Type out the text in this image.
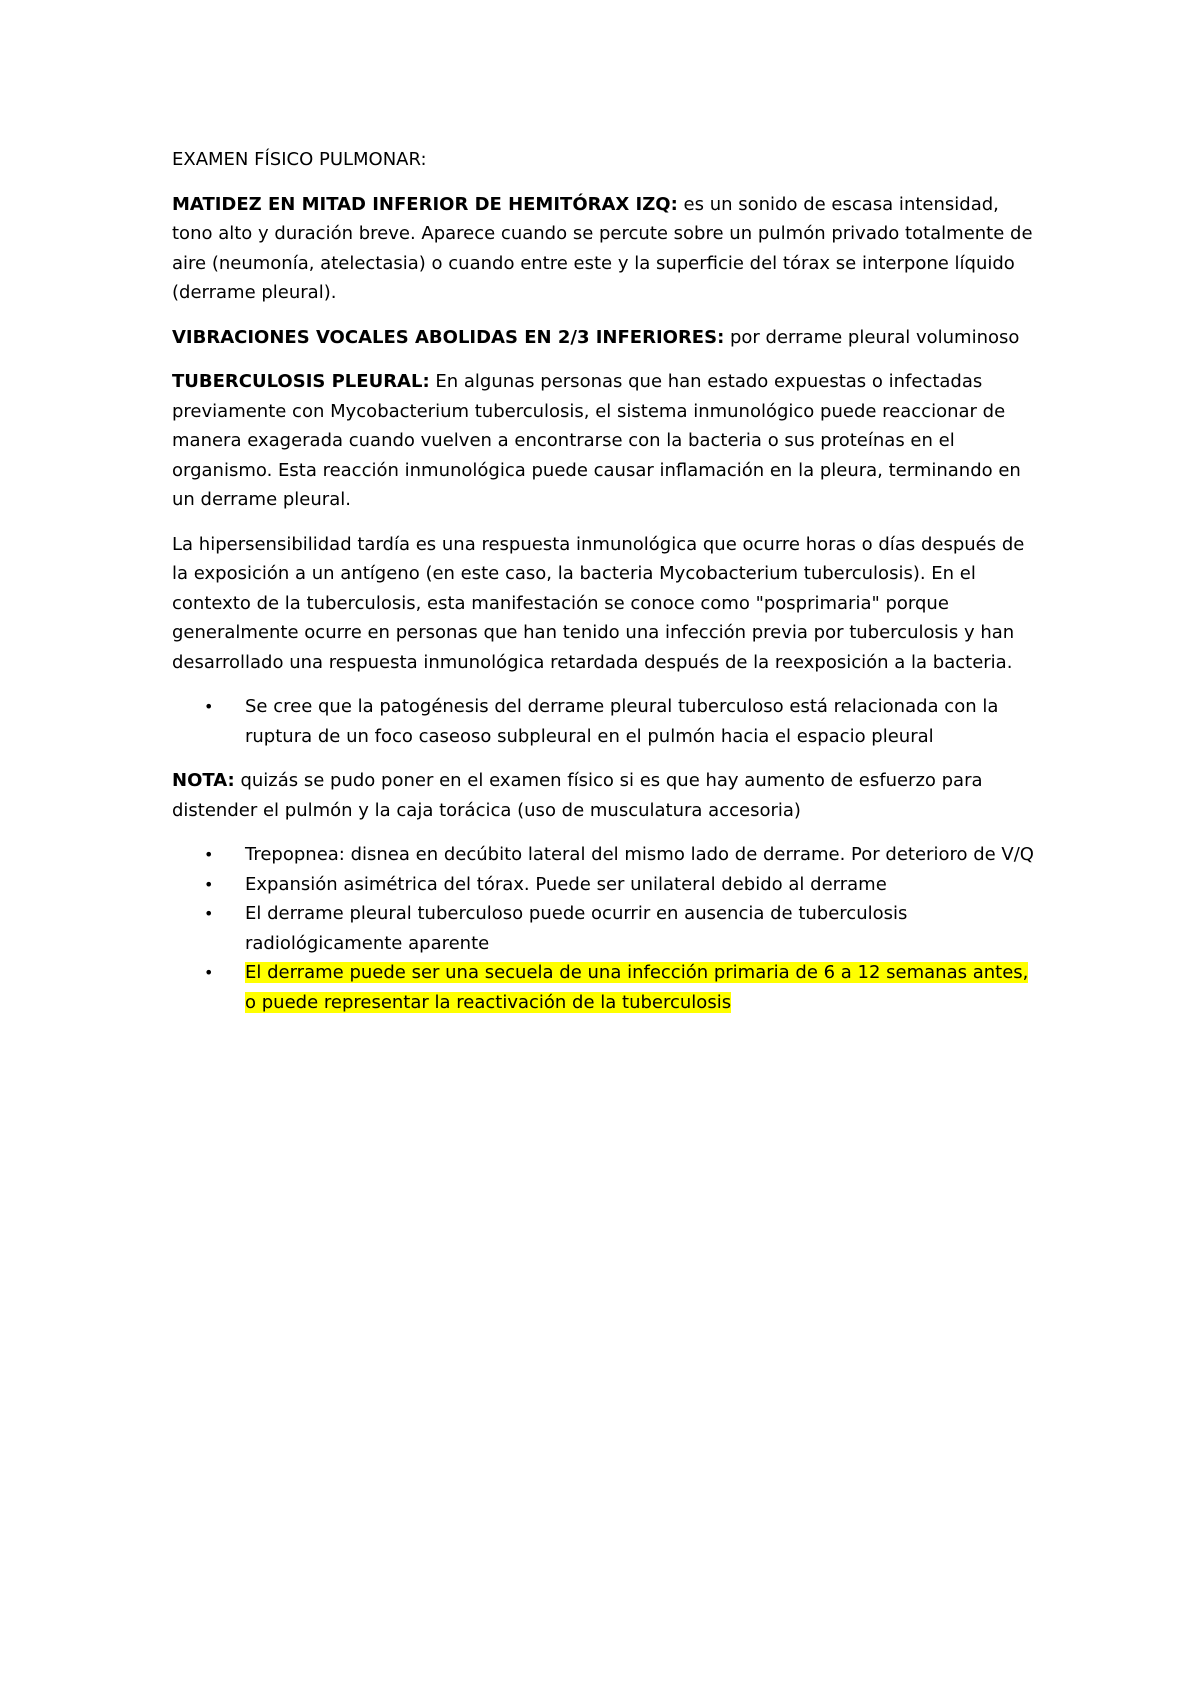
EXAMEN FÍSICO PULMONAR:

MATIDEZ EN MITAD INFERIOR DE HEMITÓRAX IZQ: es un sonido de escasa intensidad, tono alto y duración breve. Aparece cuando se percute sobre un pulmón privado totalmente de aire (neumonía, atelectasia) o cuando entre este y la superficie del tórax se interpone líquido (derrame pleural).

VIBRACIONES VOCALES ABOLIDAS EN 2/3 INFERIORES: por derrame pleural voluminoso

TUBERCULOSIS PLEURAL: En algunas personas que han estado expuestas o infectadas previamente con Mycobacterium tuberculosis, el sistema inmunológico puede reaccionar de manera exagerada cuando vuelven a encontrarse con la bacteria o sus proteínas en el organismo. Esta reacción inmunológica puede causar inflamación en la pleura, terminando en un derrame pleural.

La hipersensibilidad tardía es una respuesta inmunológica que ocurre horas o días después de la exposición a un antígeno (en este caso, la bacteria Mycobacterium tuberculosis). En el contexto de la tuberculosis, esta manifestación se conoce como "posprimaria" porque generalmente ocurre en personas que han tenido una infección previa por tuberculosis y han desarrollado una respuesta inmunológica retardada después de la reexposición a la bacteria.

• Se cree que la patogénesis del derrame pleural tuberculoso está relacionada con la ruptura de un foco caseoso subpleural en el pulmón hacia el espacio pleural

NOTA: quizás se pudo poner en el examen físico si es que hay aumento de esfuerzo para distender el pulmón y la caja torácica (uso de musculatura accesoria)

• Trepopnea: disnea en decúbito lateral del mismo lado de derrame. Por deterioro de V/Q
• Expansión asimétrica del tórax. Puede ser unilateral debido al derrame
• El derrame pleural tuberculoso puede ocurrir en ausencia de tuberculosis radiológicamente aparente
• El derrame puede ser una secuela de una infección primaria de 6 a 12 semanas antes, o puede representar la reactivación de la tuberculosis
